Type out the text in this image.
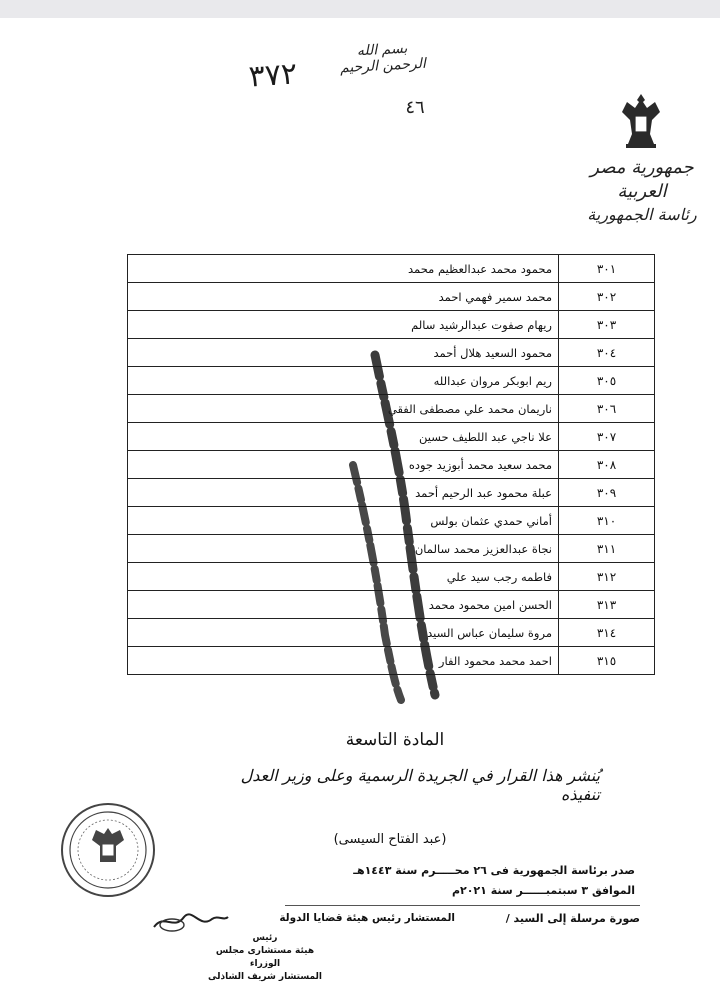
بسم الله الرحمن الرحيم
٣٧٢
٤٦
جمهورية مصر العربية
رئاسة الجمهورية
٣٠١	محمود محمد عبدالعظيم محمد
٣٠٢	محمد سمير فهمي احمد
٣٠٣	ريهام صفوت عبدالرشيد سالم
٣٠٤	محمود السعيد هلال أحمد
٣٠٥	ريم ابوبكر مروان عبدالله
٣٠٦	ناريمان محمد علي مصطفى الفقي
٣٠٧	علا ناجي عبد اللطيف حسين
٣٠٨	محمد سعيد محمد أبوزيد جوده
٣٠٩	عبلة محمود عبد الرحيم أحمد
٣١٠	أماني حمدي عثمان بولس
٣١١	نجاة عبدالعزيز محمد سالمان
٣١٢	فاطمه رجب سيد علي
٣١٣	الحسن امين محمود محمد
٣١٤	مروة سليمان عباس السيد
٣١٥	احمد محمد محمود الفار
المادة التاسعة
يُنشر هذا القرار في الجريدة الرسمية وعلى وزير العدل تنفيذه
(عبد الفتاح السيسى)
صدر برئاسة الجمهورية فى ٢٦ محـــــرم سنة ١٤٤٣هـ
الموافق ٣ سبتمبــــــر سنة ٢٠٢١م
صورة مرسلة إلى السيد /
المستشار رئيس هيئة قضايا الدولة
رئيس
هيئة مستشارى مجلس الوزراء
المستشار شريف الشاذلى
